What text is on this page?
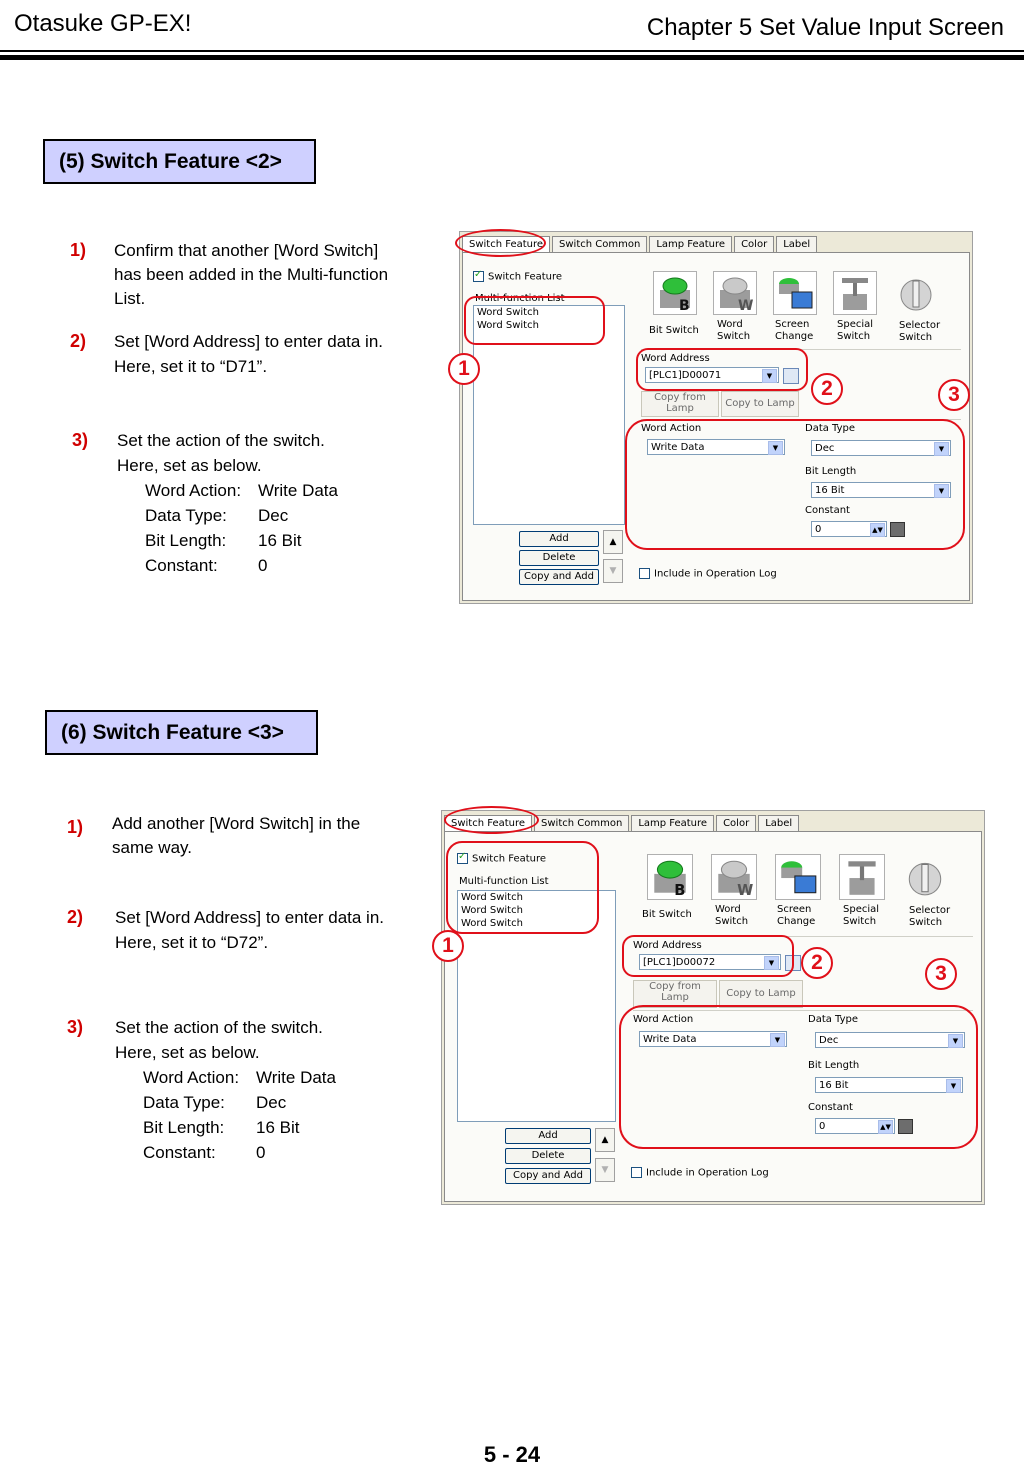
Otasuke GP-EX!	Chapter 5 Set Value Input Screen
(5) Switch Feature <2>
1) Confirm that another [Word Switch]
has been added in the Multi-function
List.
2) Set [Word Address] to enter data in.
Here, set it to “D71”.
3) Set the action of the switch.
Here, set as below.
Word Action: Write Data
Data Type: Dec
Bit Length: 16 Bit
Constant: 0
Switch Feature	Switch Common	Lamp Feature	Color	Label
✓Switch Feature
Multi-function List
Word Switch
Word Switch
Add
Delete
Copy and Add
▲
▼
B	W
Bit Switch
Word
Switch
Screen
Change
Special
Switch
Selector
Switch
Word Address
[PLC1]D00071	▼
Copy from
Lamp	Copy to Lamp
Word Action
Write Data	▼
Data Type
Dec	▼
Bit Length
16 Bit	▼
Constant
0	▲▼
Include in Operation Log
1
2	3
(6) Switch Feature <3>
1) Add another [Word Switch] in the
same way.
2) Set [Word Address] to enter data in.
Here, set it to “D72”.
3) Set the action of the switch.
Here, set as below.
Word Action: Write Data
Data Type: Dec
Bit Length: 16 Bit
Constant: 0
Switch Feature	Switch Common	Lamp Feature	Color	Label
✓Switch Feature
Multi-function List
Word Switch
Word Switch
Word Switch
Add
Delete
Copy and Add
▲
▼
B	W
Bit Switch Word
Switch
Screen
Change
Special
Switch
Selector
Switch
Word Address
[PLC1]D00072	▼
Copy from
Lamp	Copy to Lamp
Word Action
Write Data	▼
Data Type
Dec	▼
Bit Length
16 Bit	▼
Constant
0	▲▼
Include in Operation Log
1
2	3
5 - 24
